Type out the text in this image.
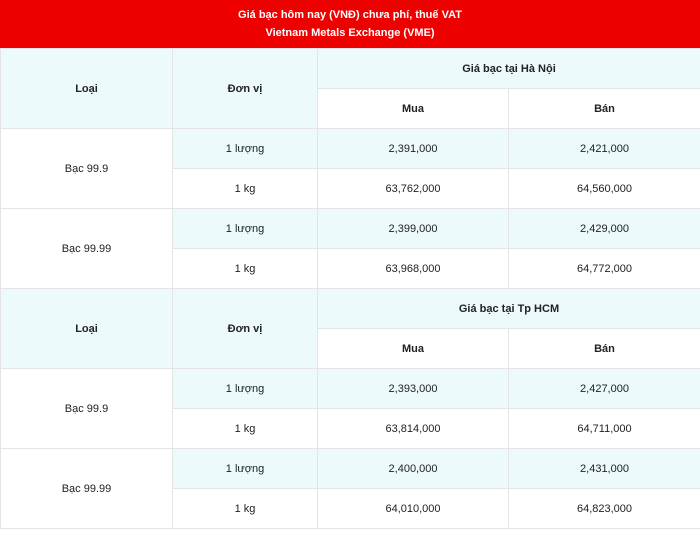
Giá bạc hôm nay (VNĐ) chưa phí, thuế VAT
Vietnam Metals Exchange (VME)
Loại	Đơn vị	Giá bạc tại Hà Nội	
		Mua	Bán
Bạc 99.9	1 lượng	2,391,000	2,421,000
	1 kg	63,762,000	64,560,000
Bạc 99.99	1 lượng	2,399,000	2,429,000
	1 kg	63,968,000	64,772,000
Loại	Đơn vị	Giá bạc tại Tp HCM	
		Mua	Bán
Bạc 99.9	1 lượng	2,393,000	2,427,000
	1 kg	63,814,000	64,711,000
Bạc 99.99	1 lượng	2,400,000	2,431,000
	1 kg	64,010,000	64,823,000
